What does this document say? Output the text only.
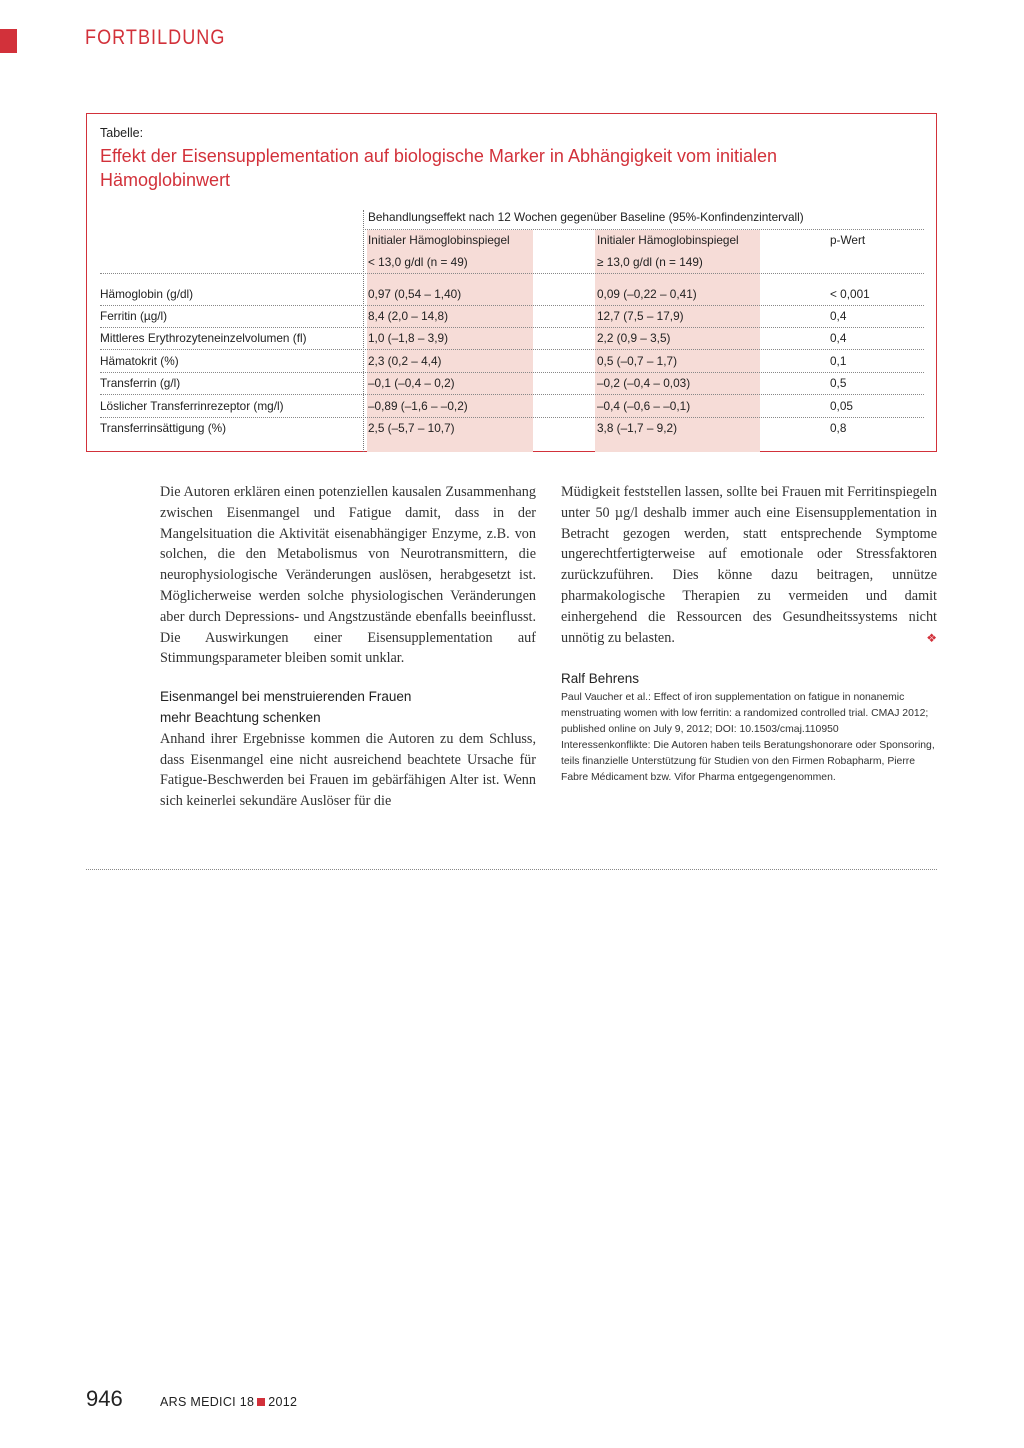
FORTBILDUNG
Tabelle:
Effekt der Eisensupplementation auf biologische Marker in Abhängigkeit vom initialen Hämoglobinwert
Behandlungseffekt nach 12 Wochen gegenüber Baseline (95%-Konfindenzintervall)
Initialer Hämoglobinspiegel
< 13,0 g/dl (n = 49)
Initialer Hämoglobinspiegel
≥ 13,0 g/dl (n = 149)
p-Wert
Hämoglobin (g/dl)	0,97 (0,54 – 1,40)	0,09 (–0,22 – 0,41)	< 0,001
Ferritin (µg/l)	8,4 (2,0 – 14,8)	12,7 (7,5 – 17,9)	0,4
Mittleres Erythrozyteneinzelvolumen (fl)	1,0 (–1,8 – 3,9)	2,2 (0,9 – 3,5)	0,4
Hämatokrit (%)	2,3 (0,2 – 4,4)	0,5 (–0,7 – 1,7)	0,1
Transferrin (g/l)	–0,1 (–0,4 – 0,2)	–0,2 (–0,4 – 0,03)	0,5
Löslicher Transferrinrezeptor (mg/l)	–0,89 (–1,6 – –0,2)	–0,4 (–0,6 – –0,1)	0,05
Transferrinsättigung (%)	2,5 (–5,7 – 10,7)	3,8 (–1,7 – 9,2)	0,8

Die Autoren erklären einen potenziellen kausalen Zusammenhang zwischen Eisenmangel und Fatigue damit, dass in der Mangelsituation die Aktivität eisenabhängiger Enzyme, z.B. von solchen, die den Metabolismus von Neurotransmittern, die neurophysiologische Veränderungen auslösen, herabgesetzt ist. Möglicherweise werden solche physiologischen Veränderungen aber durch Depressions- und Angstzustände ebenfalls beeinflusst. Die Auswirkungen einer Eisensupplementation auf Stimmungsparameter bleiben somit unklar.

Eisenmangel bei menstruierenden Frauen
mehr Beachtung schenken

Anhand ihrer Ergebnisse kommen die Autoren zu dem Schluss, dass Eisenmangel eine nicht ausreichend beachtete Ursache für Fatigue-Beschwerden bei Frauen im gebärfähigen Alter ist. Wenn sich keinerlei sekundäre Auslöser für die

Müdigkeit feststellen lassen, sollte bei Frauen mit Ferritinspiegeln unter 50 µg/l deshalb immer auch eine Eisensupplementation in Betracht gezogen werden, statt entsprechende Symptome ungerechtfertigterweise auf emotionale oder Stressfaktoren zurückzuführen. Dies könne dazu beitragen, unnütze pharmakologische Therapien zu vermeiden und damit einhergehend die Ressourcen des Gesundheitssystems nicht unnötig zu belasten.	❖

Ralf Behrens

Paul Vaucher et al.: Effect of iron supplementation on fatigue in nonanemic menstruating women with low ferritin: a randomized controlled trial. CMAJ 2012; published online on July 9, 2012; DOI: 10.1503/cmaj.110950

Interessenkonflikte: Die Autoren haben teils Beratungshonorare oder Sponsoring, teils finanzielle Unterstützung für Studien von den Firmen Robapharm, Pierre Fabre Médicament bzw. Vifor Pharma entgegengenommen.

946	ARS MEDICI 18 2012
